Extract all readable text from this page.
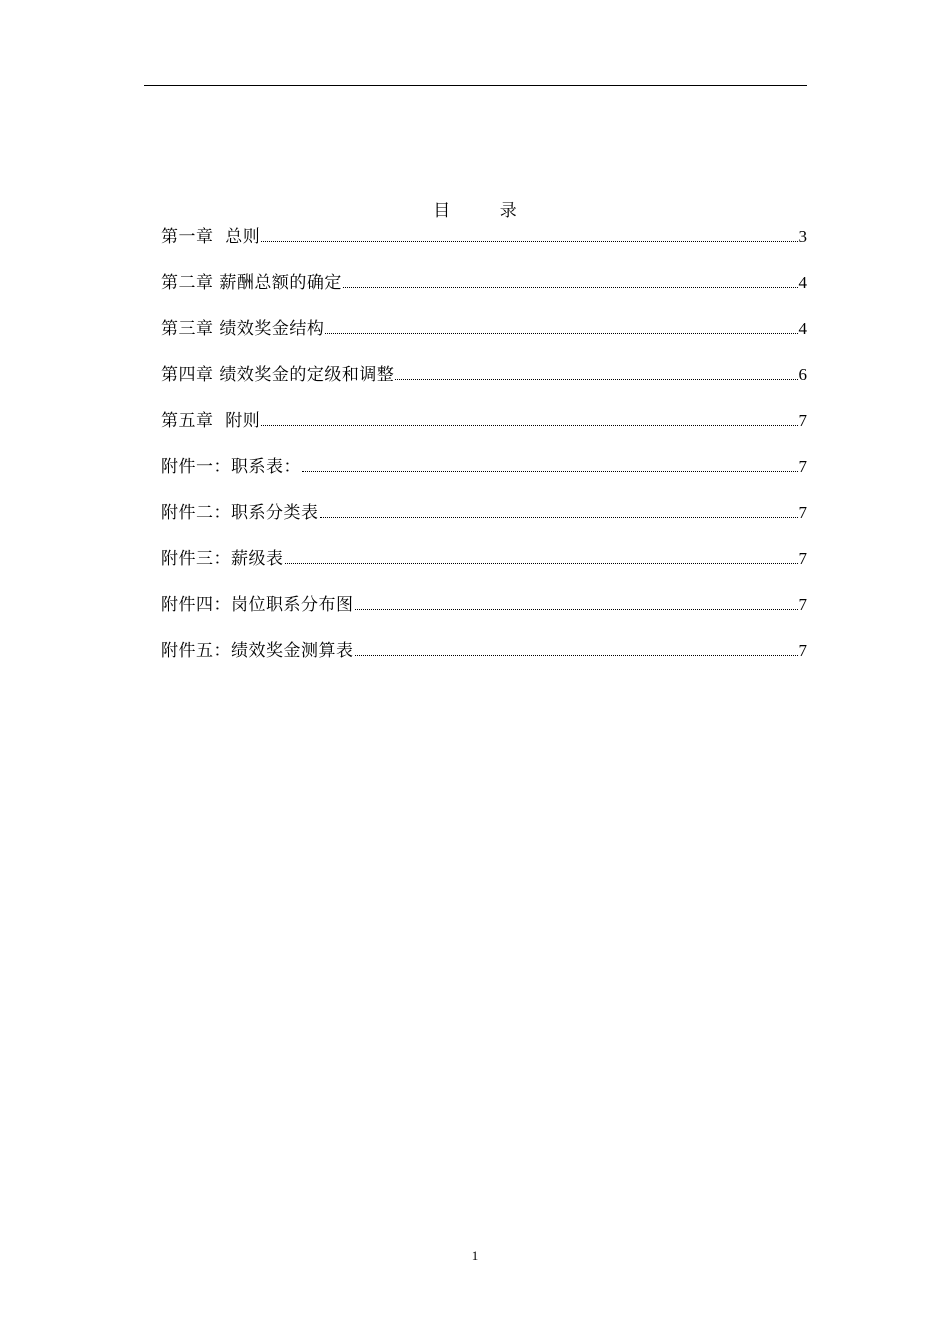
目 录
第一章  总则	3
第二章 薪酬总额的确定	4
第三章 绩效奖金结构	4
第四章 绩效奖金的定级和调整	6
第五章  附则	7
附件一：职系表：	7
附件二：职系分类表	7
附件三：薪级表	7
附件四：岗位职系分布图	7
附件五：绩效奖金测算表	7
1
